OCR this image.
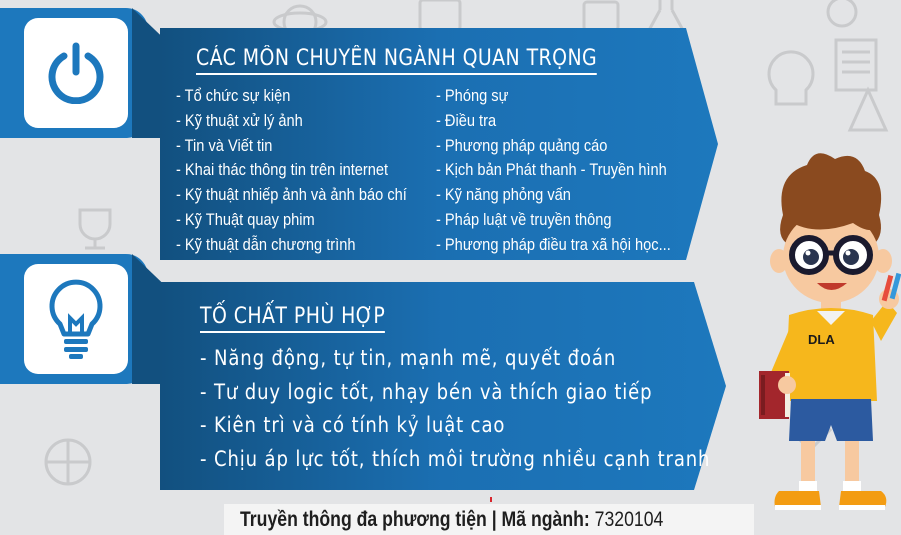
CÁC MÔN CHUYÊN NGÀNH QUAN TRỌNG
- Tổ chức sự kiện
- Kỹ thuật xử lý ảnh
- Tin và Viết tin
- Khai thác thông tin trên internet
- Kỹ thuật nhiếp ảnh và ảnh báo chí
- Kỹ Thuật quay phim
- Kỹ thuật dẫn chương trình
- Phóng sự
- Điều tra
- Phương pháp quảng cáo
- Kịch bản Phát thanh - Truyền hình
- Kỹ năng phỏng vấn
- Pháp luật về truyền thông
- Phương pháp điều tra xã hội học...
TỐ CHẤT PHÙ HỢP
- Năng động, tự tin, mạnh mẽ, quyết đoán
- Tư duy logic tốt, nhạy bén và thích giao tiếp
- Kiên trì và có tính kỷ luật cao
- Chịu áp lực tốt, thích môi trường nhiều cạnh tranh
DLA
Truyền thông đa phương tiện | Mã ngành: 7320104
